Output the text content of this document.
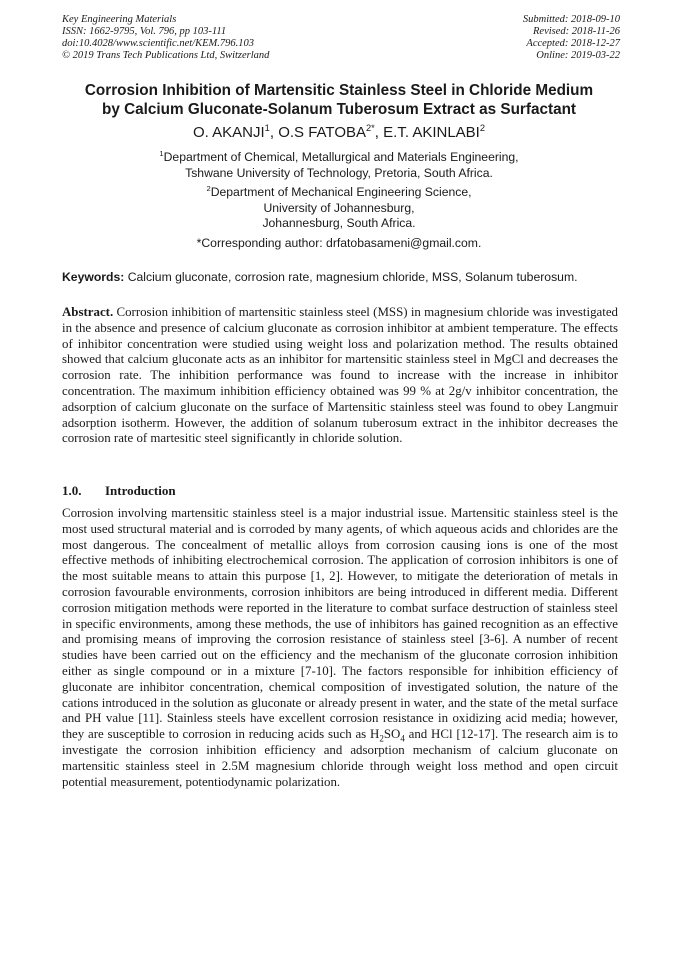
Key Engineering Materials
ISSN: 1662-9795, Vol. 796, pp 103-111
doi:10.4028/www.scientific.net/KEM.796.103
© 2019 Trans Tech Publications Ltd, Switzerland
Submitted: 2018-09-10
Revised: 2018-11-26
Accepted: 2018-12-27
Online: 2019-03-22
Corrosion Inhibition of Martensitic Stainless Steel in Chloride Medium
by Calcium Gluconate-Solanum Tuberosum Extract as Surfactant
O. AKANJI$^1$, O.S $FATOBA^{2*}$, E.T. AKINLABI$^2$
$^1$Department of Chemical, Metallurgical and Materials Engineering,
Tshwane University of Technology, Pretoria, South Africa.
$^2$Department of Mechanical Engineering Science,
University of Johannesburg,
Johannesburg, South Africa.
*Corresponding author: drfatobasameni@gmail.com.
Keywords: Calcium gluconate, corrosion rate, magnesium chloride, MSS, Solanum tuberosum.
Abstract. Corrosion inhibition of martensitic stainless steel (MSS) in magnesium chloride was investigated in the absence and presence of calcium gluconate as corrosion inhibitor at ambient temperature. The effects of inhibitor concentration were studied using weight loss and polarization method. The results obtained showed that calcium gluconate acts as an inhibitor for martensitic stainless steel in MgCl and decreases the corrosion rate. The inhibition performance was found to increase with the increase in inhibitor concentration. The maximum inhibition efficiency obtained was 99 % at 2g/v inhibitor concentration, the adsorption of calcium gluconate on the surface of Martensitic stainless steel was found to obey Langmuir adsorption isotherm. However, the addition of solanum tuberosum extract in the inhibitor decreases the corrosion rate of martesitic steel significantly in chloride solution.
1.0. Introduction
Corrosion involving martensitic stainless steel is a major industrial issue. Martensitic stainless steel is the most used structural material and is corroded by many agents, of which aqueous acids and chlorides are the most dangerous. The concealment of metallic alloys from corrosion causing ions is one of the most effective methods of inhibiting electrochemical corrosion. The application of corrosion inhibitors is one of the most suitable means to attain this purpose [1, 2]. However, to mitigate the deterioration of metals in corrosion favourable environments, corrosion inhibitors are being introduced in different media. Different corrosion mitigation methods were reported in the literature to combat surface destruction of stainless steel in specific environments, among these methods, the use of inhibitors has gained recognition as an effective and promising means of improving the corrosion resistance of stainless steel [3-6]. A number of recent studies have been carried out on the efficiency and the mechanism of the gluconate corrosion inhibition either as single compound or in a mixture [7-10]. The factors responsible for inhibition efficiency of gluconate are inhibitor concentration, chemical composition of investigated solution, the nature of the cations introduced in the solution as gluconate or already present in water, and the state of the metal surface and PH value [11]. Stainless steels have excellent corrosion resistance in oxidizing acid media; however, they are susceptible to corrosion in reducing acids such as $H_2SO_4$ and HCl [12-17]. The research aim is to investigate the corrosion inhibition efficiency and adsorption mechanism of calcium gluconate on martensitic stainless steel in 2.5M magnesium chloride through weight loss method and open circuit potential measurement, potentiodynamic polarization.
